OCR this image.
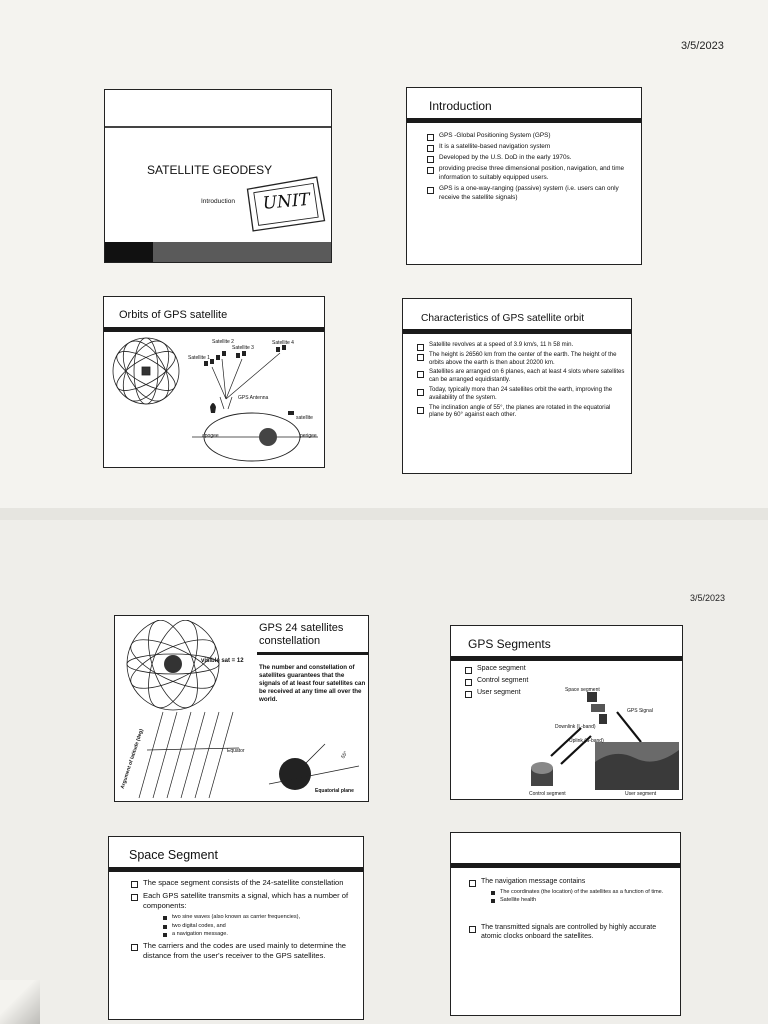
3/5/2023
SATELLITE GEODESY
Introduction UNIT
Introduction
GPS -Global Positioning System (GPS)
It is a satellite-based navigation system
Developed by the U.S. DoD in the early 1970s.
providing precise three dimensional position, navigation, and time information to suitably equipped users.
GPS is a one-way-ranging (passive) system (i.e. users can only receive the satellite signals)
Orbits of GPS satellite
Satellite 1
Satellite 2
Satellite 3
Satellite 4
GPS Antenna
satellite
apogee	perigee
Characteristics of GPS satellite orbit
Satellite revolves at a speed of 3.9 km/s, 11 h 58 min.
The height is 26560 km from the center of the earth. The height of the orbits above the earth is then about 20200 km.
Satellites are arranged on 6 planes, each at least 4 slots where satellites can be arranged equidistantly.
Today, typically more than 24 satellites orbit the earth, improving the availability of the system.
The inclination angle of 55°, the planes are rotated in the equatorial plane by 60° against each other.
3/5/2023
GPS 24 satellites constellation
The number and constellation of satellites guarantees that the signals of at least four satellites can be received at any time all over the world.
visible sat = 12
Equator
Equatorial plane
Argument of latitude (deg)	55°
GPS Segments
Space segment
Control segment
User segment	Space segment
Downlink (L-band)
Uplink (S-band)
GPS Signal
Control segment	User segment
Space Segment
The space segment consists of the 24-satellite constellation
Each GPS satellite transmits a signal, which has a number of components:
two sine waves (also known as carrier frequencies),
two digital codes, and
a navigation message.
The carriers and the codes are used mainly to determine the distance from the user's receiver to the GPS satellites.
The navigation message contains
The coordinates (the location) of the satellites as a function of time.
Satellite health
The transmitted signals are controlled by highly accurate atomic clocks onboard the satellites.
